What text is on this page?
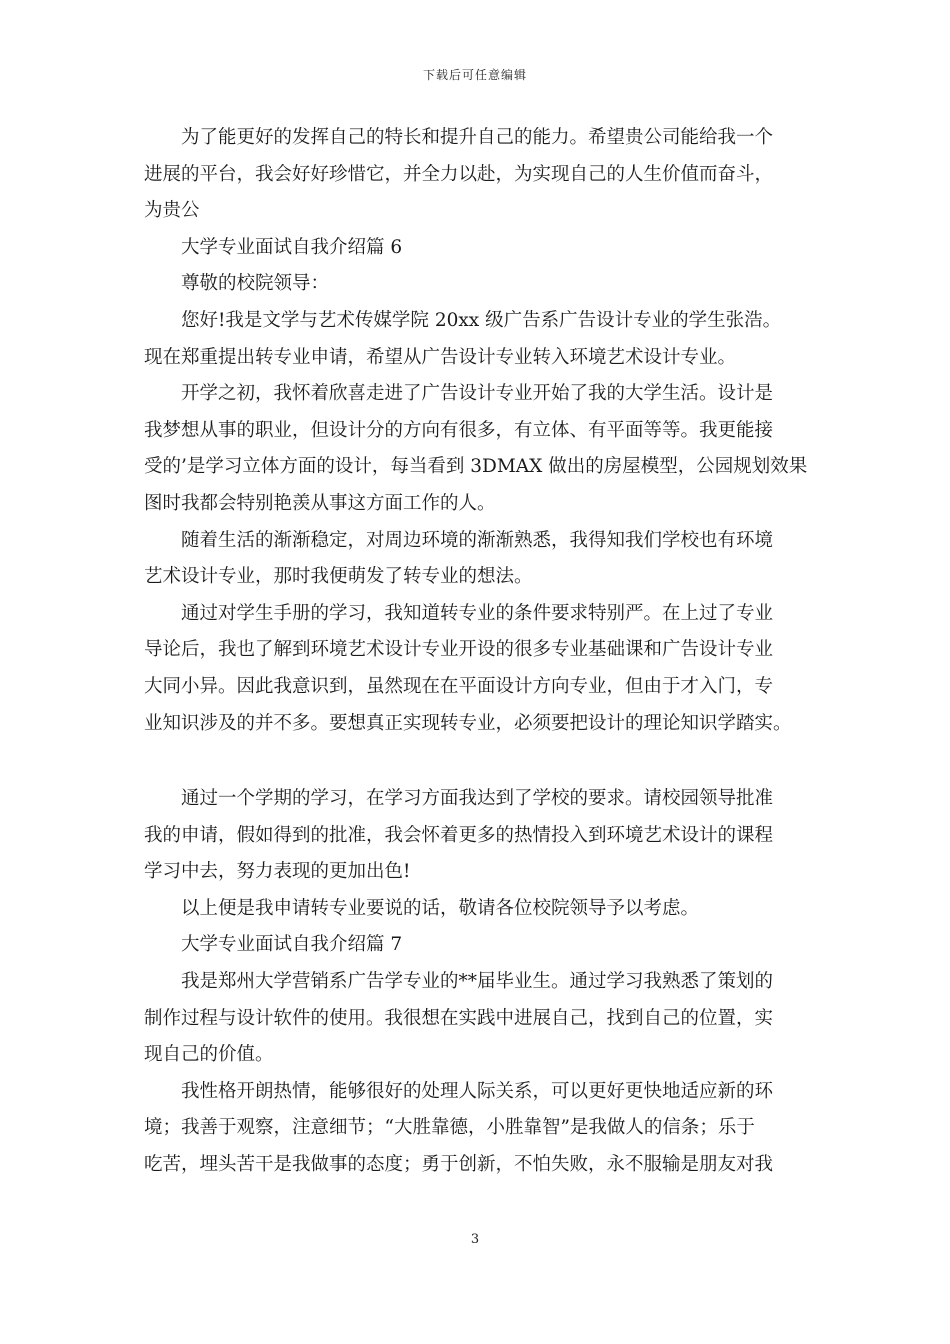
下载后可任意编辑
　　为了能更好的发挥自己的特长和提升自己的能力。希望贵公司能给我一个
进展的平台，我会好好珍惜它，并全力以赴，为实现自己的人生价值而奋斗，
为贵公
大学专业面试自我介绍篇 6
尊敬的校院领导：
您好!我是文学与艺术传媒学院 20xx 级广告系广告设计专业的学生张浩。
现在郑重提出转专业申请，希望从广告设计专业转入环境艺术设计专业。
开学之初，我怀着欣喜走进了广告设计专业开始了我的大学生活。设计是
我梦想从事的职业，但设计分的方向有很多，有立体、有平面等等。我更能接
受的’是学习立体方面的设计，每当看到 3DMAX 做出的房屋模型，公园规划效果
图时我都会特别艳羡从事这方面工作的人。
随着生活的渐渐稳定，对周边环境的渐渐熟悉，我得知我们学校也有环境
艺术设计专业，那时我便萌发了转专业的想法。
通过对学生手册的学习，我知道转专业的条件要求特别严。在上过了专业
导论后，我也了解到环境艺术设计专业开设的很多专业基础课和广告设计专业
大同小异。因此我意识到，虽然现在在平面设计方向专业，但由于才入门，专
业知识涉及的并不多。要想真正实现转专业，必须要把设计的理论知识学踏实。
通过一个学期的学习，在学习方面我达到了学校的要求。请校园领导批准
我的申请，假如得到的批准，我会怀着更多的热情投入到环境艺术设计的课程
学习中去，努力表现的更加出色!
以上便是我申请转专业要说的话，敬请各位校院领导予以考虑。
大学专业面试自我介绍篇 7
我是郑州大学营销系广告学专业的**届毕业生。通过学习我熟悉了策划的
制作过程与设计软件的使用。我很想在实践中进展自己，找到自己的位置，实
现自己的价值。
我性格开朗热情，能够很好的处理人际关系，可以更好更快地适应新的环
境；我善于观察，注意细节；“大胜靠德，小胜靠智”是我做人的信条；乐于
吃苦，埋头苦干是我做事的态度；勇于创新，不怕失败，永不服输是朋友对我
3
